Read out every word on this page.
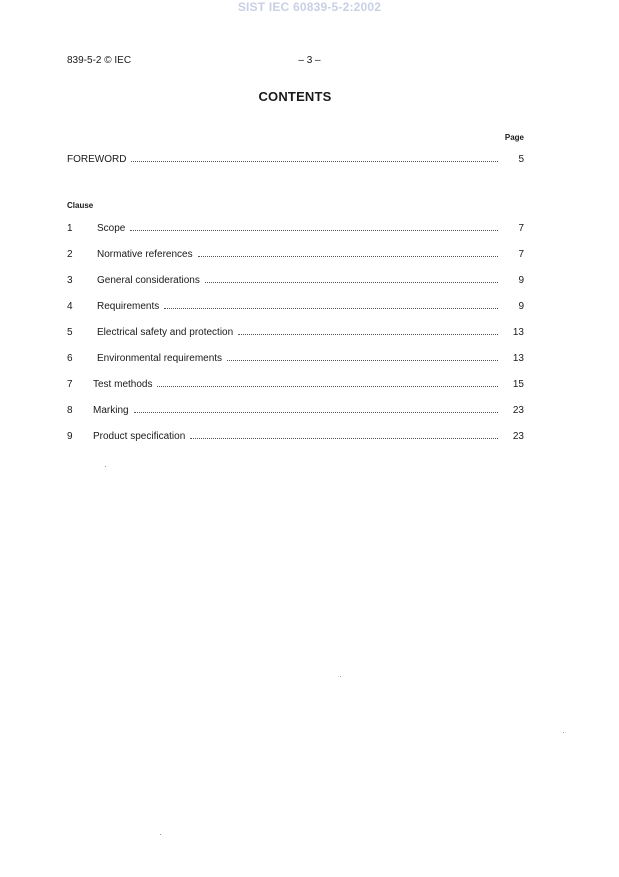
SIST IEC 60839-5-2:2002
839-5-2 © IEC	– 3 –
CONTENTS
Page
FOREWORD	5
Clause
1	Scope	7
2	Normative references	7
3	General considerations	9
4	Requirements	9
5	Electrical safety and protection	13
6	Environmental requirements	13
7	Test methods	15
8	Marking	23
9	Product specification	23
